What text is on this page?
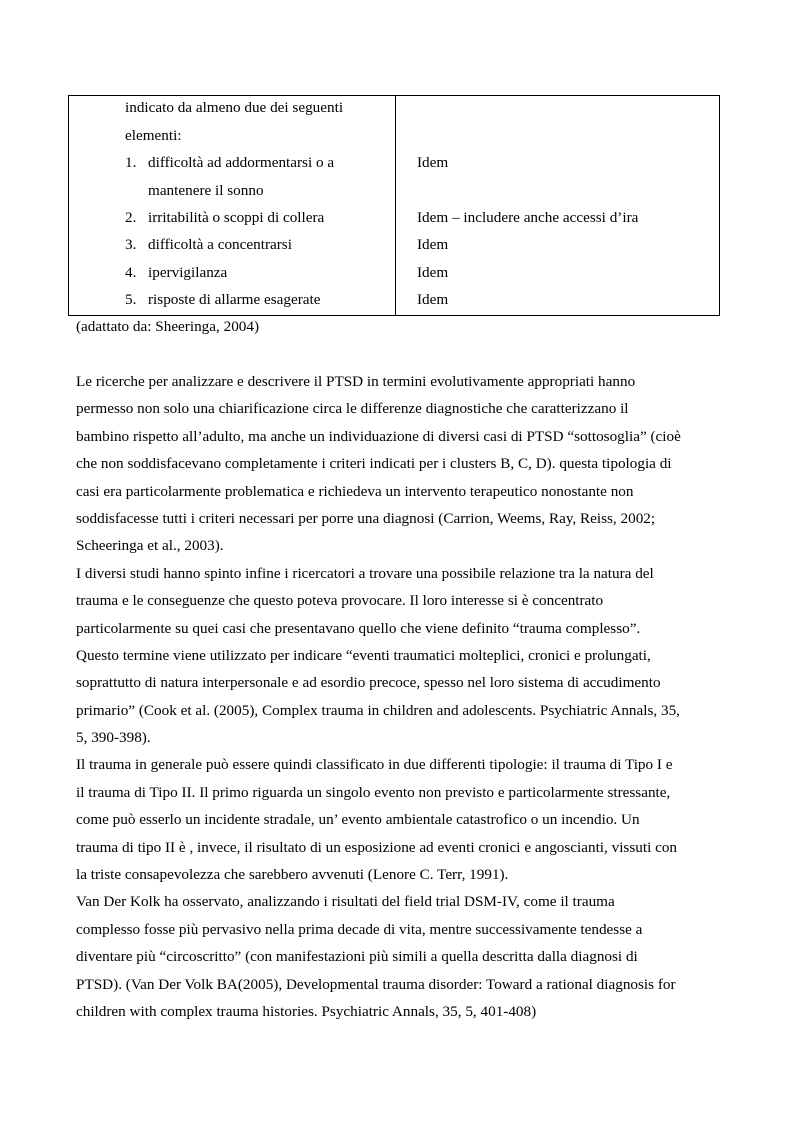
indicato da almeno due dei seguenti
elementi:
1. difficoltà ad addormentarsi o a
mantenere il sonno
Idem
2. irritabilità o scoppi di collera	Idem – includere anche accessi d’ira
3. difficoltà a concentrarsi	Idem
4. ipervigilanza	Idem
5. risposte di allarme esagerate	Idem
(adattato da: Sheeringa, 2004)
Le ricerche per analizzare e descrivere il PTSD in termini evolutivamente appropriati hanno
permesso non solo una chiarificazione circa le differenze diagnostiche che caratterizzano il
bambino rispetto all’adulto, ma anche un individuazione di diversi casi di PTSD “sottosoglia” (cioè
che non soddisfacevano completamente i criteri indicati per i clusters B, C, D). questa tipologia di
casi era particolarmente problematica e richiedeva un intervento terapeutico nonostante non
soddisfacesse tutti i criteri necessari per porre una diagnosi (Carrion, Weems, Ray, Reiss, 2002;
Scheeringa et al., 2003).
I diversi studi hanno spinto infine i ricercatori a trovare una possibile relazione tra la natura del
trauma e le conseguenze che questo poteva provocare. Il loro interesse si è concentrato
particolarmente su quei casi che presentavano quello che viene definito “trauma complesso”.
Questo termine viene utilizzato per indicare “eventi traumatici molteplici, cronici e prolungati,
soprattutto di natura interpersonale e ad esordio precoce, spesso nel loro sistema di accudimento
primario” (Cook et al. (2005), Complex trauma in children and adolescents. Psychiatric Annals, 35,
5, 390-398).
Il trauma in generale può essere quindi classificato in due differenti tipologie: il trauma di Tipo I e
il trauma di Tipo II. Il primo riguarda un singolo evento non previsto e particolarmente stressante,
come può esserlo un incidente stradale, un’ evento ambientale catastrofico o un incendio. Un
trauma di tipo II è , invece, il risultato di un esposizione ad eventi cronici e angoscianti, vissuti con
la triste consapevolezza che sarebbero avvenuti (Lenore C. Terr, 1991).
Van Der Kolk ha osservato, analizzando i risultati del field trial DSM-IV, come il trauma
complesso fosse più pervasivo nella prima decade di vita, mentre successivamente tendesse a
diventare più “circoscritto” (con manifestazioni più simili a quella descritta dalla diagnosi di
PTSD). (Van Der Volk BA(2005), Developmental trauma disorder: Toward a rational diagnosis for
children with complex trauma histories. Psychiatric Annals, 35, 5, 401-408)
